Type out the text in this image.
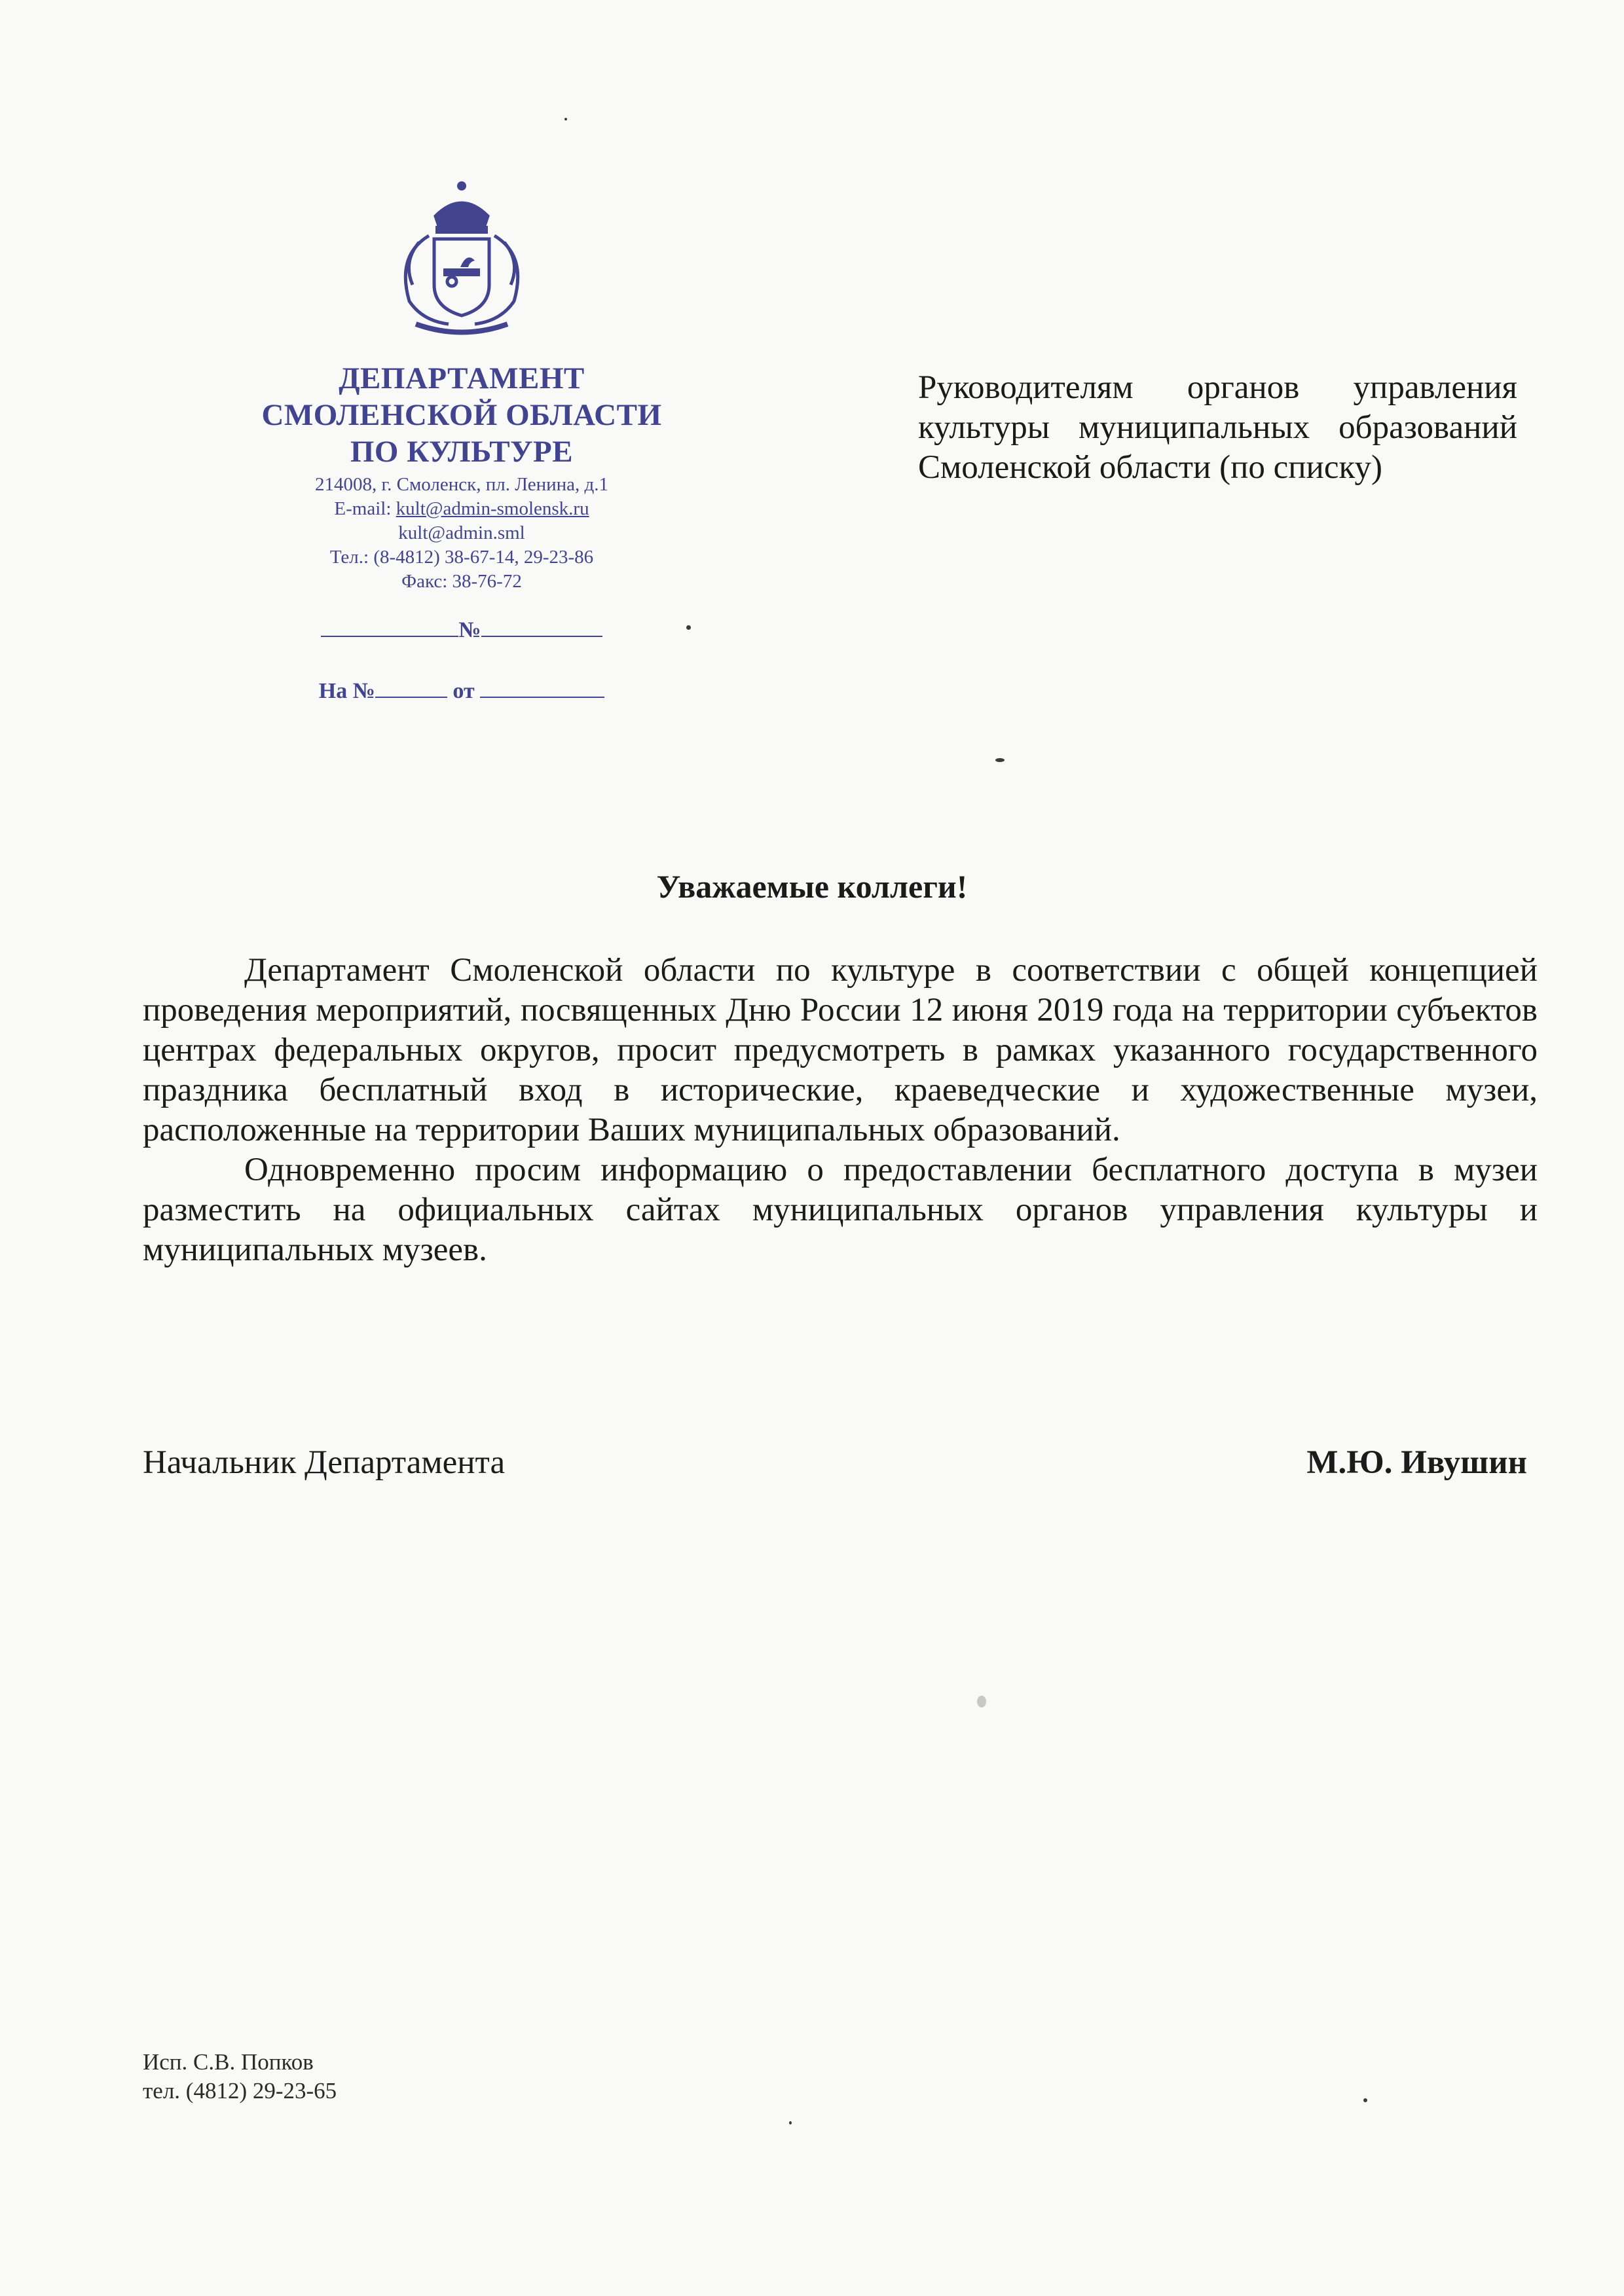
ДЕПАРТАМЕНТ
СМОЛЕНСКОЙ ОБЛАСТИ
ПО КУЛЬТУРЕ
214008, г. Смоленск, пл. Ленина, д.1
E-mail: kult@admin-smolensk.ru
kult@admin.sml
Тел.: (8-4812) 38-67-14, 29-23-86
Факс: 38-76-72
№
На №	от
Руководителям органов управления культуры муниципальных образований Смоленской области (по списку)
Уважаемые коллеги!

Департамент Смоленской области по культуре в соответствии с общей концепцией проведения мероприятий, посвященных Дню России 12 июня 2019 года на территории субъектов центрах федеральных округов, просит предусмотреть в рамках указанного государственного праздника бесплатный вход в исторические, краеведческие и художественные музеи, расположенные на территории Ваших муниципальных образований.

Одновременно просим информацию о предоставлении бесплатного доступа в музеи разместить на официальных сайтах муниципальных органов управления культуры и муниципальных музеев.

Начальник Департамента	М.Ю. Ивушин
Исп. С.В. Попков
тел. (4812) 29-23-65
